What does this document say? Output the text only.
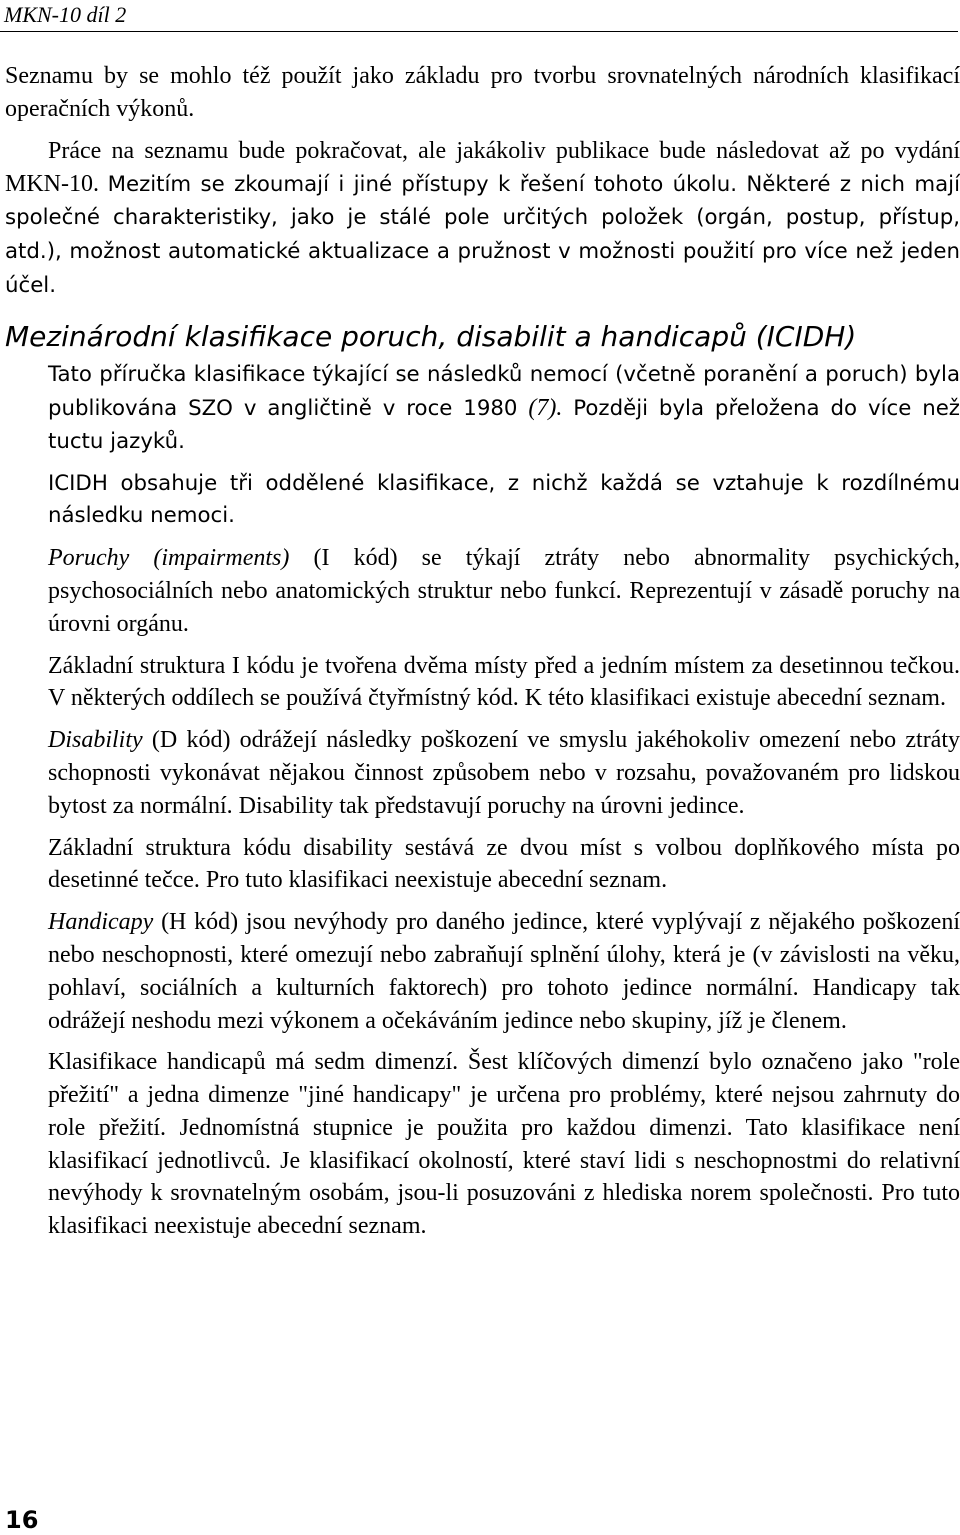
MKN-10 díl 2

Seznamu by se mohlo též použít jako základu pro tvorbu srovnatelných národních klasifikací operačních výkonů.

Práce na seznamu bude pokračovat, ale jakákoliv publikace bude následovat až po vydání MKN-10. Mezitím se zkoumají i jiné přístupy k řešení tohoto úkolu. Některé z nich mají společné charakteristiky, jako je stálé pole určitých položek (orgán, postup, přístup, atd.), možnost automatické aktualizace a pružnost v možnosti použití pro více než jeden účel.

Mezinárodní klasifikace poruch, disabilit a handicapů (ICIDH)

Tato příručka klasifikace týkající se následků nemocí (včetně poranění a poruch) byla publikována SZO v angličtině v roce 1980 (7). Později byla přeložena do více než tuctu jazyků.

ICIDH obsahuje tři oddělené klasifikace, z nichž každá se vztahuje k rozdílnému následku nemoci.

Poruchy (impairments) (I kód) se týkají ztráty nebo abnormality psychických, psychosociálních nebo anatomických struktur nebo funkcí. Reprezentují v zásadě poruchy na úrovni orgánu.

Základní struktura I kódu je tvořena dvěma místy před a jedním místem za desetinnou tečkou. V některých oddílech se používá čtyřmístný kód. K této klasifikaci existuje abecední seznam.

Disability (D kód) odrážejí následky poškození ve smyslu jakéhokoliv omezení nebo ztráty schopnosti vykonávat nějakou činnost způsobem nebo v rozsahu, považovaném pro lidskou bytost za normální. Disability tak představují poruchy na úrovni jedince.

Základní struktura kódu disability sestává ze dvou míst s volbou doplňkového místa po desetinné tečce. Pro tuto klasifikaci neexistuje abecední seznam.

Handicapy (H kód) jsou nevýhody pro daného jedince, které vyplývají z nějakého poškození nebo neschopnosti, které omezují nebo zabraňují splnění úlohy, která je (v závislosti na věku, pohlaví, sociálních a kulturních faktorech) pro tohoto jedince normální. Handicapy tak odrážejí neshodu mezi výkonem a očekáváním jedince nebo skupiny, jíž je členem.

Klasifikace handicapů má sedm dimenzí. Šest klíčových dimenzí bylo označeno jako "role přežití" a jedna dimenze "jiné handicapy" je určena pro problémy, které nejsou zahrnuty do role přežití. Jednomístná stupnice je použita pro každou dimenzi. Tato klasifikace není klasifikací jednotlivců. Je klasifikací okolností, které staví lidi s neschopnostmi do relativní nevýhody k srovnatelným osobám, jsou-li posuzováni z hlediska norem společnosti. Pro tuto klasifikaci neexistuje abecední seznam.

16
